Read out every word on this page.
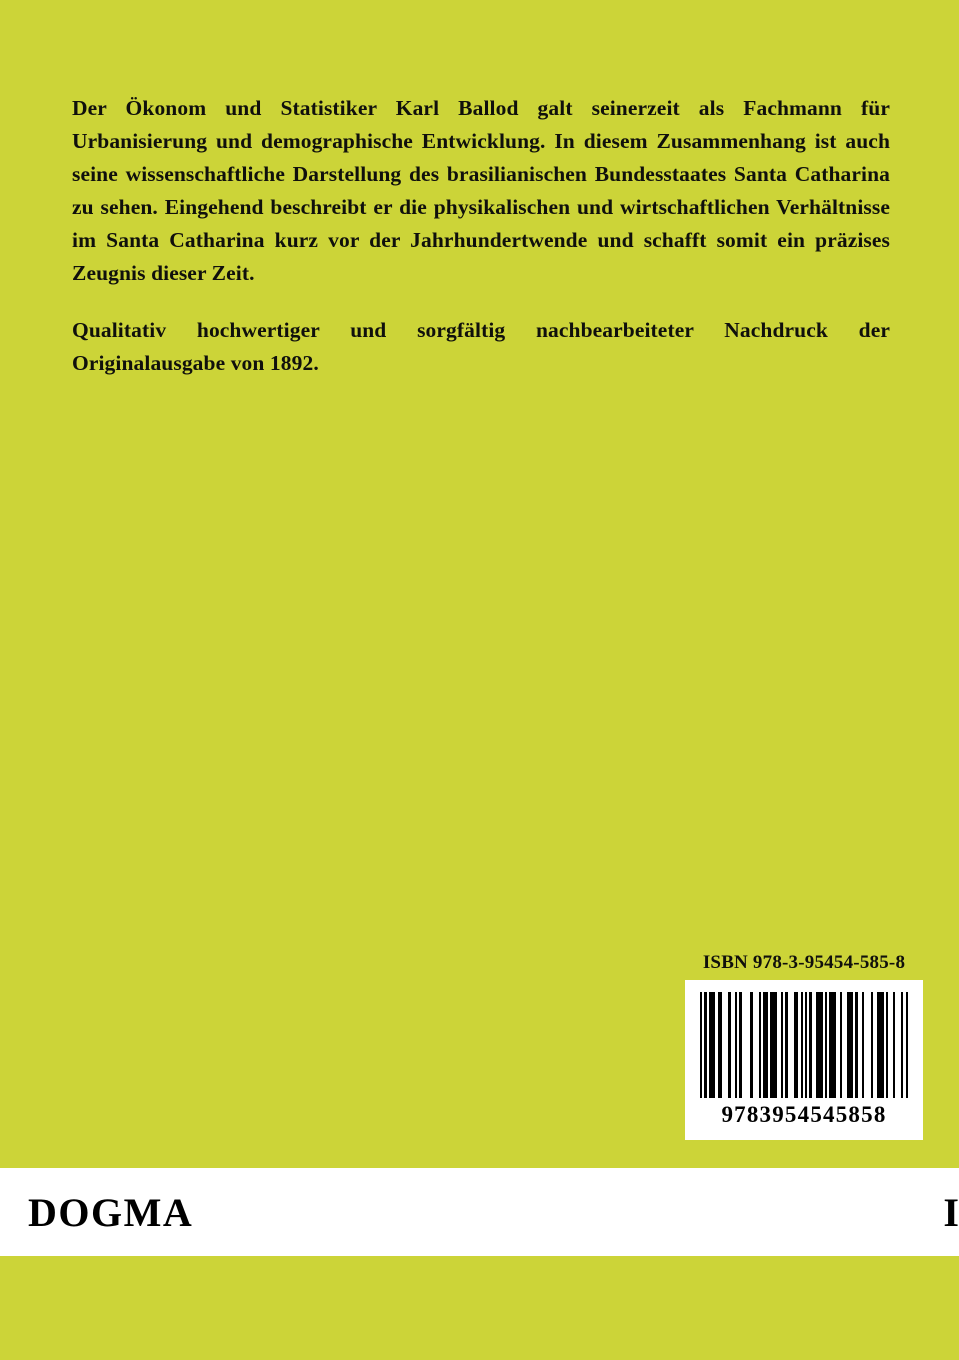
Der Ökonom und Statistiker Karl Ballod galt seinerzeit als Fachmann für Urbanisierung und demographische Entwicklung. In diesem Zusammenhang ist auch seine wissenschaftliche Darstellung des brasilianischen Bundesstaates Santa Catharina zu sehen. Eingehend beschreibt er die physikalischen und wirtschaftlichen Verhältnisse im Santa Catharina kurz vor der Jahrhundertwende und schafft somit ein präzises Zeugnis dieser Zeit.

Qualitativ hochwertiger und sorgfältig nachbearbeiteter Nachdruck der Originalausgabe von 1892.

ISBN 978-3-95454-585-8
9783954545858
DOGMA	I
